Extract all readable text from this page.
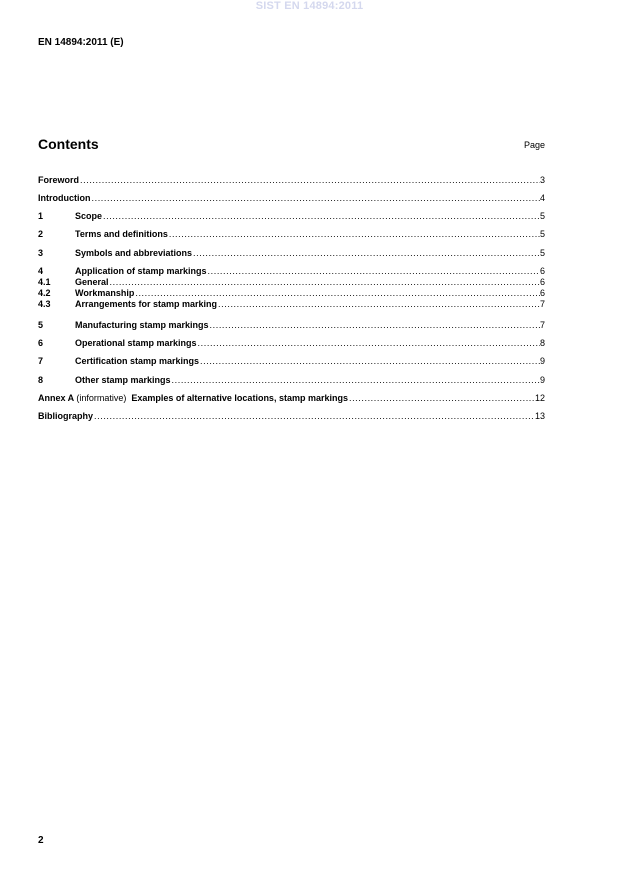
SIST EN 14894:2011
EN 14894:2011 (E)
Contents	Page
Foreword .....	3
Introduction .....	4
1	Scope .....	5
2	Terms and definitions .....	5
3	Symbols and abbreviations .....	5
4	Application of stamp markings .....	6
4.1	General .....	6
4.2	Workmanship .....	6
4.3	Arrangements for stamp marking .....	7
5	Manufacturing stamp markings .....	7
6	Operational stamp markings .....	8
7	Certification stamp markings .....	9
8	Other stamp markings .....	9
Annex A (informative) Examples of alternative locations, stamp markings .....	12
Bibliography .....	13
2
